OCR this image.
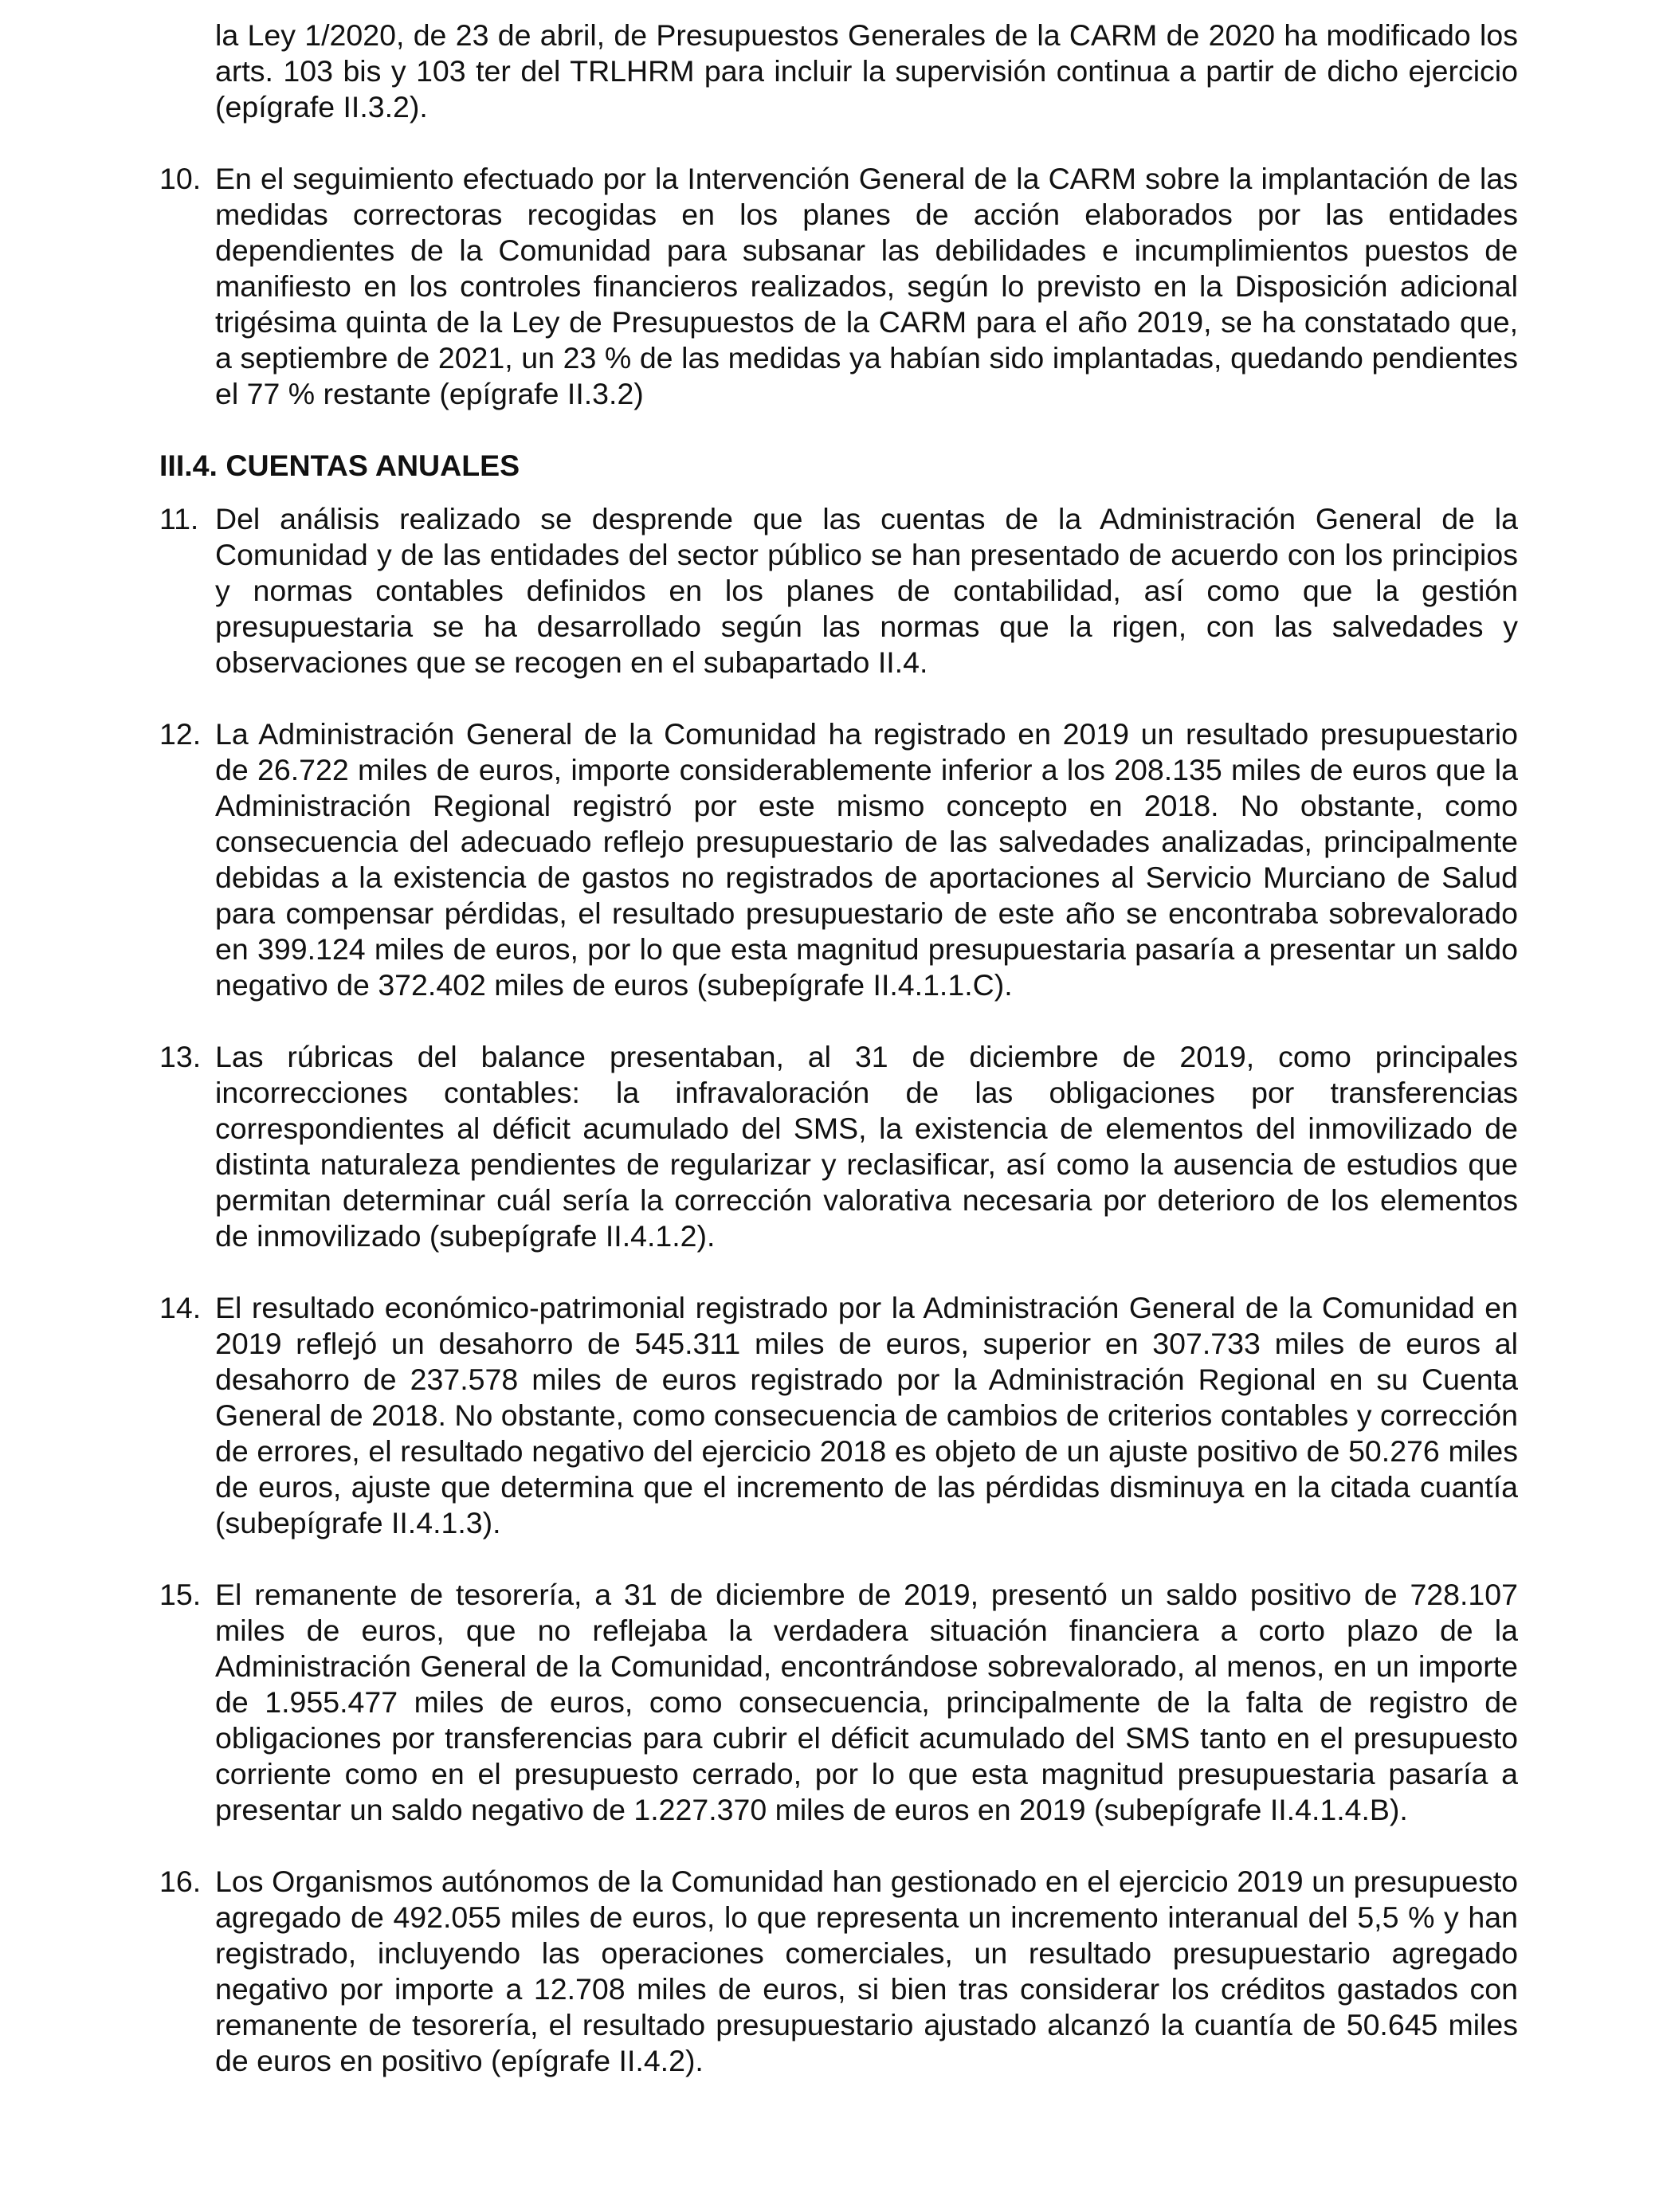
la Ley 1/2020, de 23 de abril, de Presupuestos Generales de la CARM de 2020 ha modificado los arts. 103 bis y 103 ter del TRLHRM para incluir la supervisión continua a partir de dicho ejercicio (epígrafe II.3.2).
10. En el seguimiento efectuado por la Intervención General de la CARM sobre la implantación de las medidas correctoras recogidas en los planes de acción elaborados por las entidades dependientes de la Comunidad para subsanar las debilidades e incumplimientos puestos de manifiesto en los controles financieros realizados, según lo previsto en la Disposición adicional trigésima quinta de la Ley de Presupuestos de la CARM para el año 2019, se ha constatado que, a septiembre de 2021, un 23 % de las medidas ya habían sido implantadas, quedando pendientes el 77 % restante (epígrafe II.3.2)
III.4. CUENTAS ANUALES
11. Del análisis realizado se desprende que las cuentas de la Administración General de la Comunidad y de las entidades del sector público se han presentado de acuerdo con los principios y normas contables definidos en los planes de contabilidad, así como que la gestión presupuestaria se ha desarrollado según las normas que la rigen, con las salvedades y observaciones que se recogen en el subapartado II.4.
12. La Administración General de la Comunidad ha registrado en 2019 un resultado presupuestario de 26.722 miles de euros, importe considerablemente inferior a los 208.135 miles de euros que la Administración Regional registró por este mismo concepto en 2018. No obstante, como consecuencia del adecuado reflejo presupuestario de las salvedades analizadas, principalmente debidas a la existencia de gastos no registrados de aportaciones al Servicio Murciano de Salud para compensar pérdidas, el resultado presupuestario de este año se encontraba sobrevalorado en 399.124 miles de euros, por lo que esta magnitud presupuestaria pasaría a presentar un saldo negativo de 372.402 miles de euros (subepígrafe II.4.1.1.C).
13. Las rúbricas del balance presentaban, al 31 de diciembre de 2019, como principales incorrecciones contables: la infravaloración de las obligaciones por transferencias correspondientes al déficit acumulado del SMS, la existencia de elementos del inmovilizado de distinta naturaleza pendientes de regularizar y reclasificar, así como la ausencia de estudios que permitan determinar cuál sería la corrección valorativa necesaria por deterioro de los elementos de inmovilizado (subepígrafe II.4.1.2).
14. El resultado económico-patrimonial registrado por la Administración General de la Comunidad en 2019 reflejó un desahorro de 545.311 miles de euros, superior en 307.733 miles de euros al desahorro de 237.578 miles de euros registrado por la Administración Regional en su Cuenta General de 2018. No obstante, como consecuencia de cambios de criterios contables y corrección de errores, el resultado negativo del ejercicio 2018 es objeto de un ajuste positivo de 50.276 miles de euros, ajuste que determina que el incremento de las pérdidas disminuya en la citada cuantía (subepígrafe II.4.1.3).
15. El remanente de tesorería, a 31 de diciembre de 2019, presentó un saldo positivo de 728.107 miles de euros, que no reflejaba la verdadera situación financiera a corto plazo de la Administración General de la Comunidad, encontrándose sobrevalorado, al menos, en un importe de 1.955.477 miles de euros, como consecuencia, principalmente de la falta de registro de obligaciones por transferencias para cubrir el déficit acumulado del SMS tanto en el presupuesto corriente como en el presupuesto cerrado, por lo que esta magnitud presupuestaria pasaría a presentar un saldo negativo de 1.227.370 miles de euros en 2019 (subepígrafe II.4.1.4.B).
16. Los Organismos autónomos de la Comunidad han gestionado en el ejercicio 2019 un presupuesto agregado de 492.055 miles de euros, lo que representa un incremento interanual del 5,5 % y han registrado, incluyendo las operaciones comerciales, un resultado presupuestario agregado negativo por importe a 12.708 miles de euros, si bien tras considerar los créditos gastados con remanente de tesorería, el resultado presupuestario ajustado alcanzó la cuantía de 50.645 miles de euros en positivo (epígrafe II.4.2).
